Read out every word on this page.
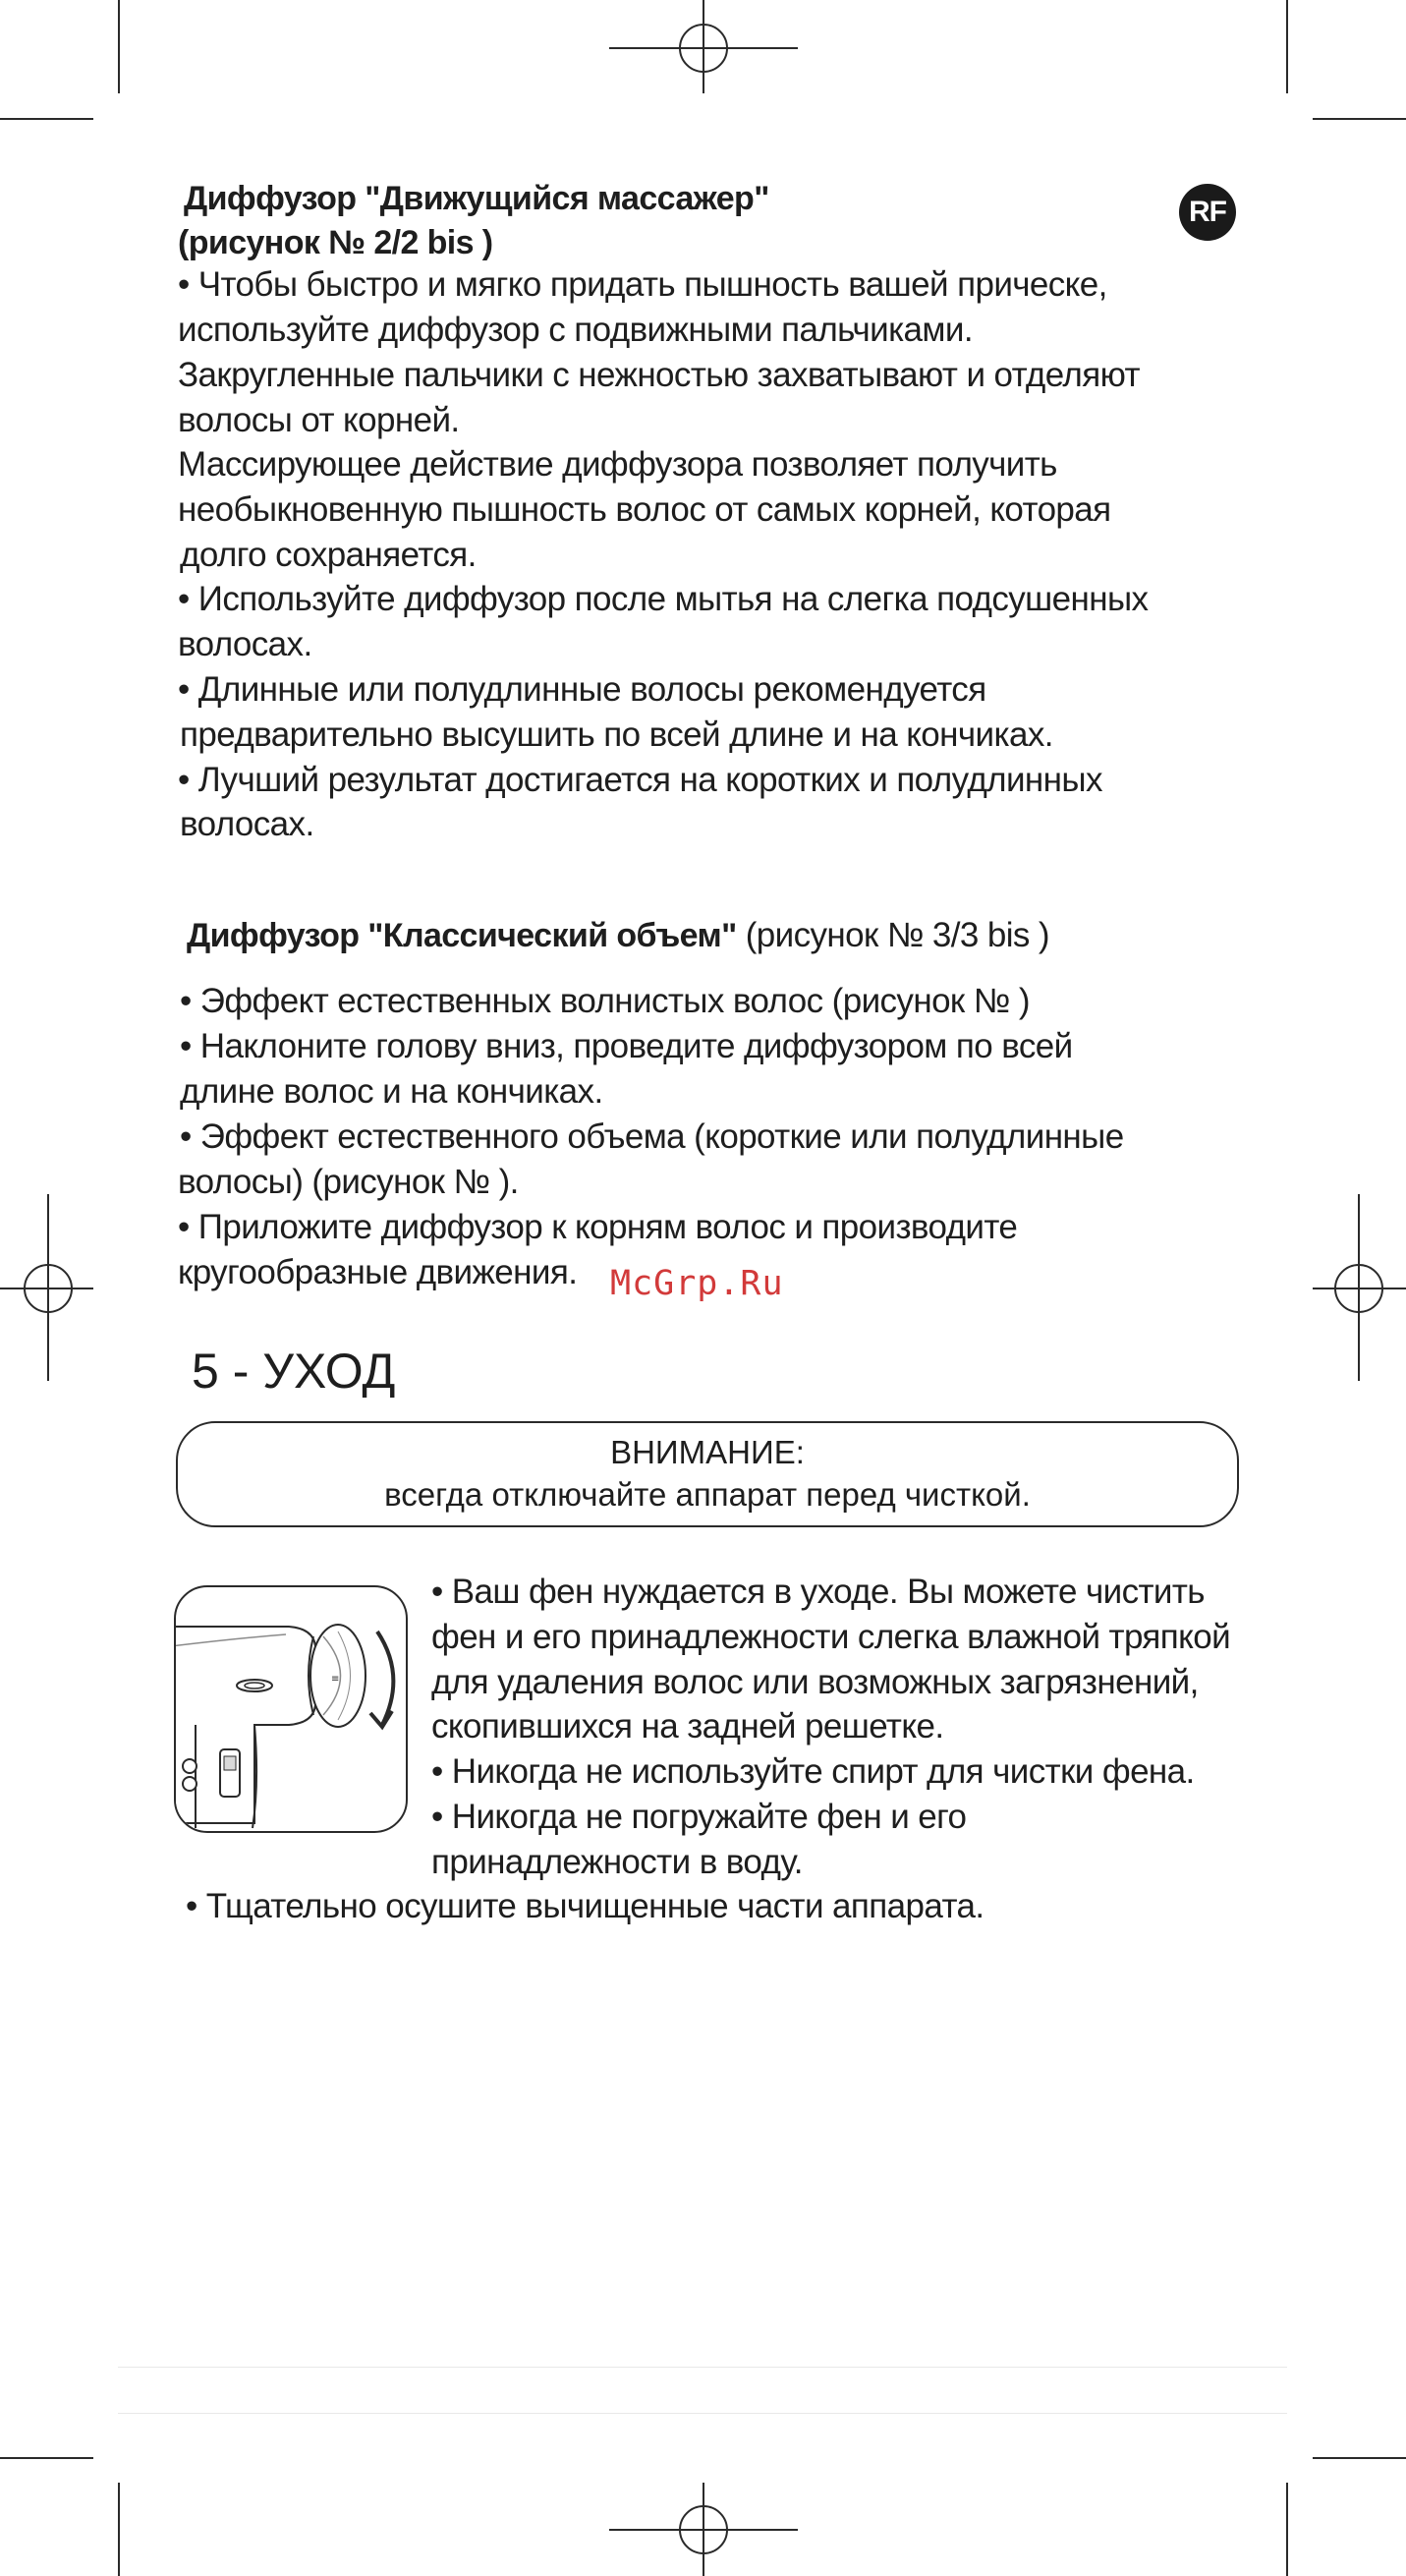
RF
Диффузор "Движущийся массажер"
(рисунок № 2/2 bis )
• Чтобы быстро и мягко придать пышность вашей прическе,
используйте диффузор с подвижными пальчиками.
Закругленные пальчики с нежностью захватывают и отделяют
волосы от корней.
Массирующее действие диффузора позволяет получить
необыкновенную пышность волос от самых корней, которая
долго сохраняется.
• Используйте диффузор после мытья на слегка подсушенных
волосах.
• Длинные или полудлинные волосы рекомендуется
предварительно высушить по всей длине и на кончиках.
• Лучший результат достигается на коротких и полудлинных
волосах.
Диффузор "Классический объем" (рисунок № 3/3 bis )
• Эффект естественных волнистых волос (рисунок № )
• Наклоните голову вниз, проведите диффузором по всей
длине волос и на кончиках.
• Эффект естественного объема (короткие или полудлинные
волосы) (рисунок № ).
• Приложите диффузор к корням волос и производите
кругообразные движения. McGrp.Ru
5 - УХОД
ВНИМАНИЕ:
всегда отключайте аппарат перед чисткой.
≡
• Ваш фен нуждается в уходе. Вы можете чистить
фен и его принадлежности слегка влажной тряпкой
для удаления волос или возможных загрязнений,
скопившихся на задней решетке.
• Никогда не используйте спирт для чистки фена.
• Никогда не погружайте фен и его
принадлежности в воду.
• Тщательно осушите вычищенные части аппарата.
